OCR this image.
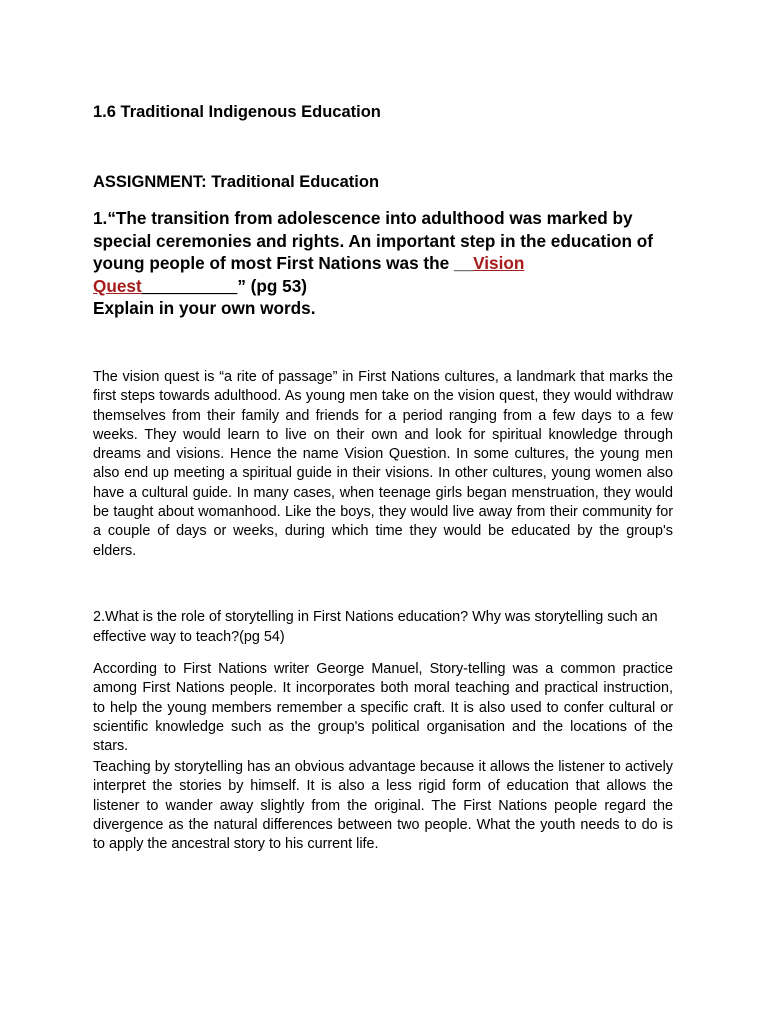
1.6 Traditional Indigenous Education
ASSIGNMENT: Traditional Education
1.“The transition from adolescence into adulthood was marked by special ceremonies and rights. An important step in the education of young people of most First Nations was the __Vision Quest__________” (pg 53)
Explain in your own words.
The vision quest is “a rite of passage” in First Nations cultures, a landmark that marks the first steps towards adulthood. As young men take on the vision quest, they would withdraw themselves from their family and friends for a period ranging from a few days to a few weeks. They would learn to live on their own and look for spiritual knowledge through dreams and visions. Hence the name Vision Question. In some cultures, the young men also end up meeting a spiritual guide in their visions. In other cultures, young women also have a cultural guide. In many cases, when teenage girls began menstruation, they would be taught about womanhood. Like the boys, they would live away from their community for a couple of days or weeks, during which time they would be educated by the group's elders.
2.What is the role of storytelling in First Nations education? Why was storytelling such an effective way to teach?(pg 54)
According to First Nations writer George Manuel, Story-telling was a common practice among First Nations people. It incorporates both moral teaching and practical instruction, to help the young members remember a specific craft. It is also used to confer cultural or scientific knowledge such as the group's political organisation and the locations of the stars.
Teaching by storytelling has an obvious advantage because it allows the listener to actively interpret the stories by himself. It is also a less rigid form of education that allows the listener to wander away slightly from the original. The First Nations people regard the divergence as the natural differences between two people. What the youth needs to do is to apply the ancestral story to his current life.
